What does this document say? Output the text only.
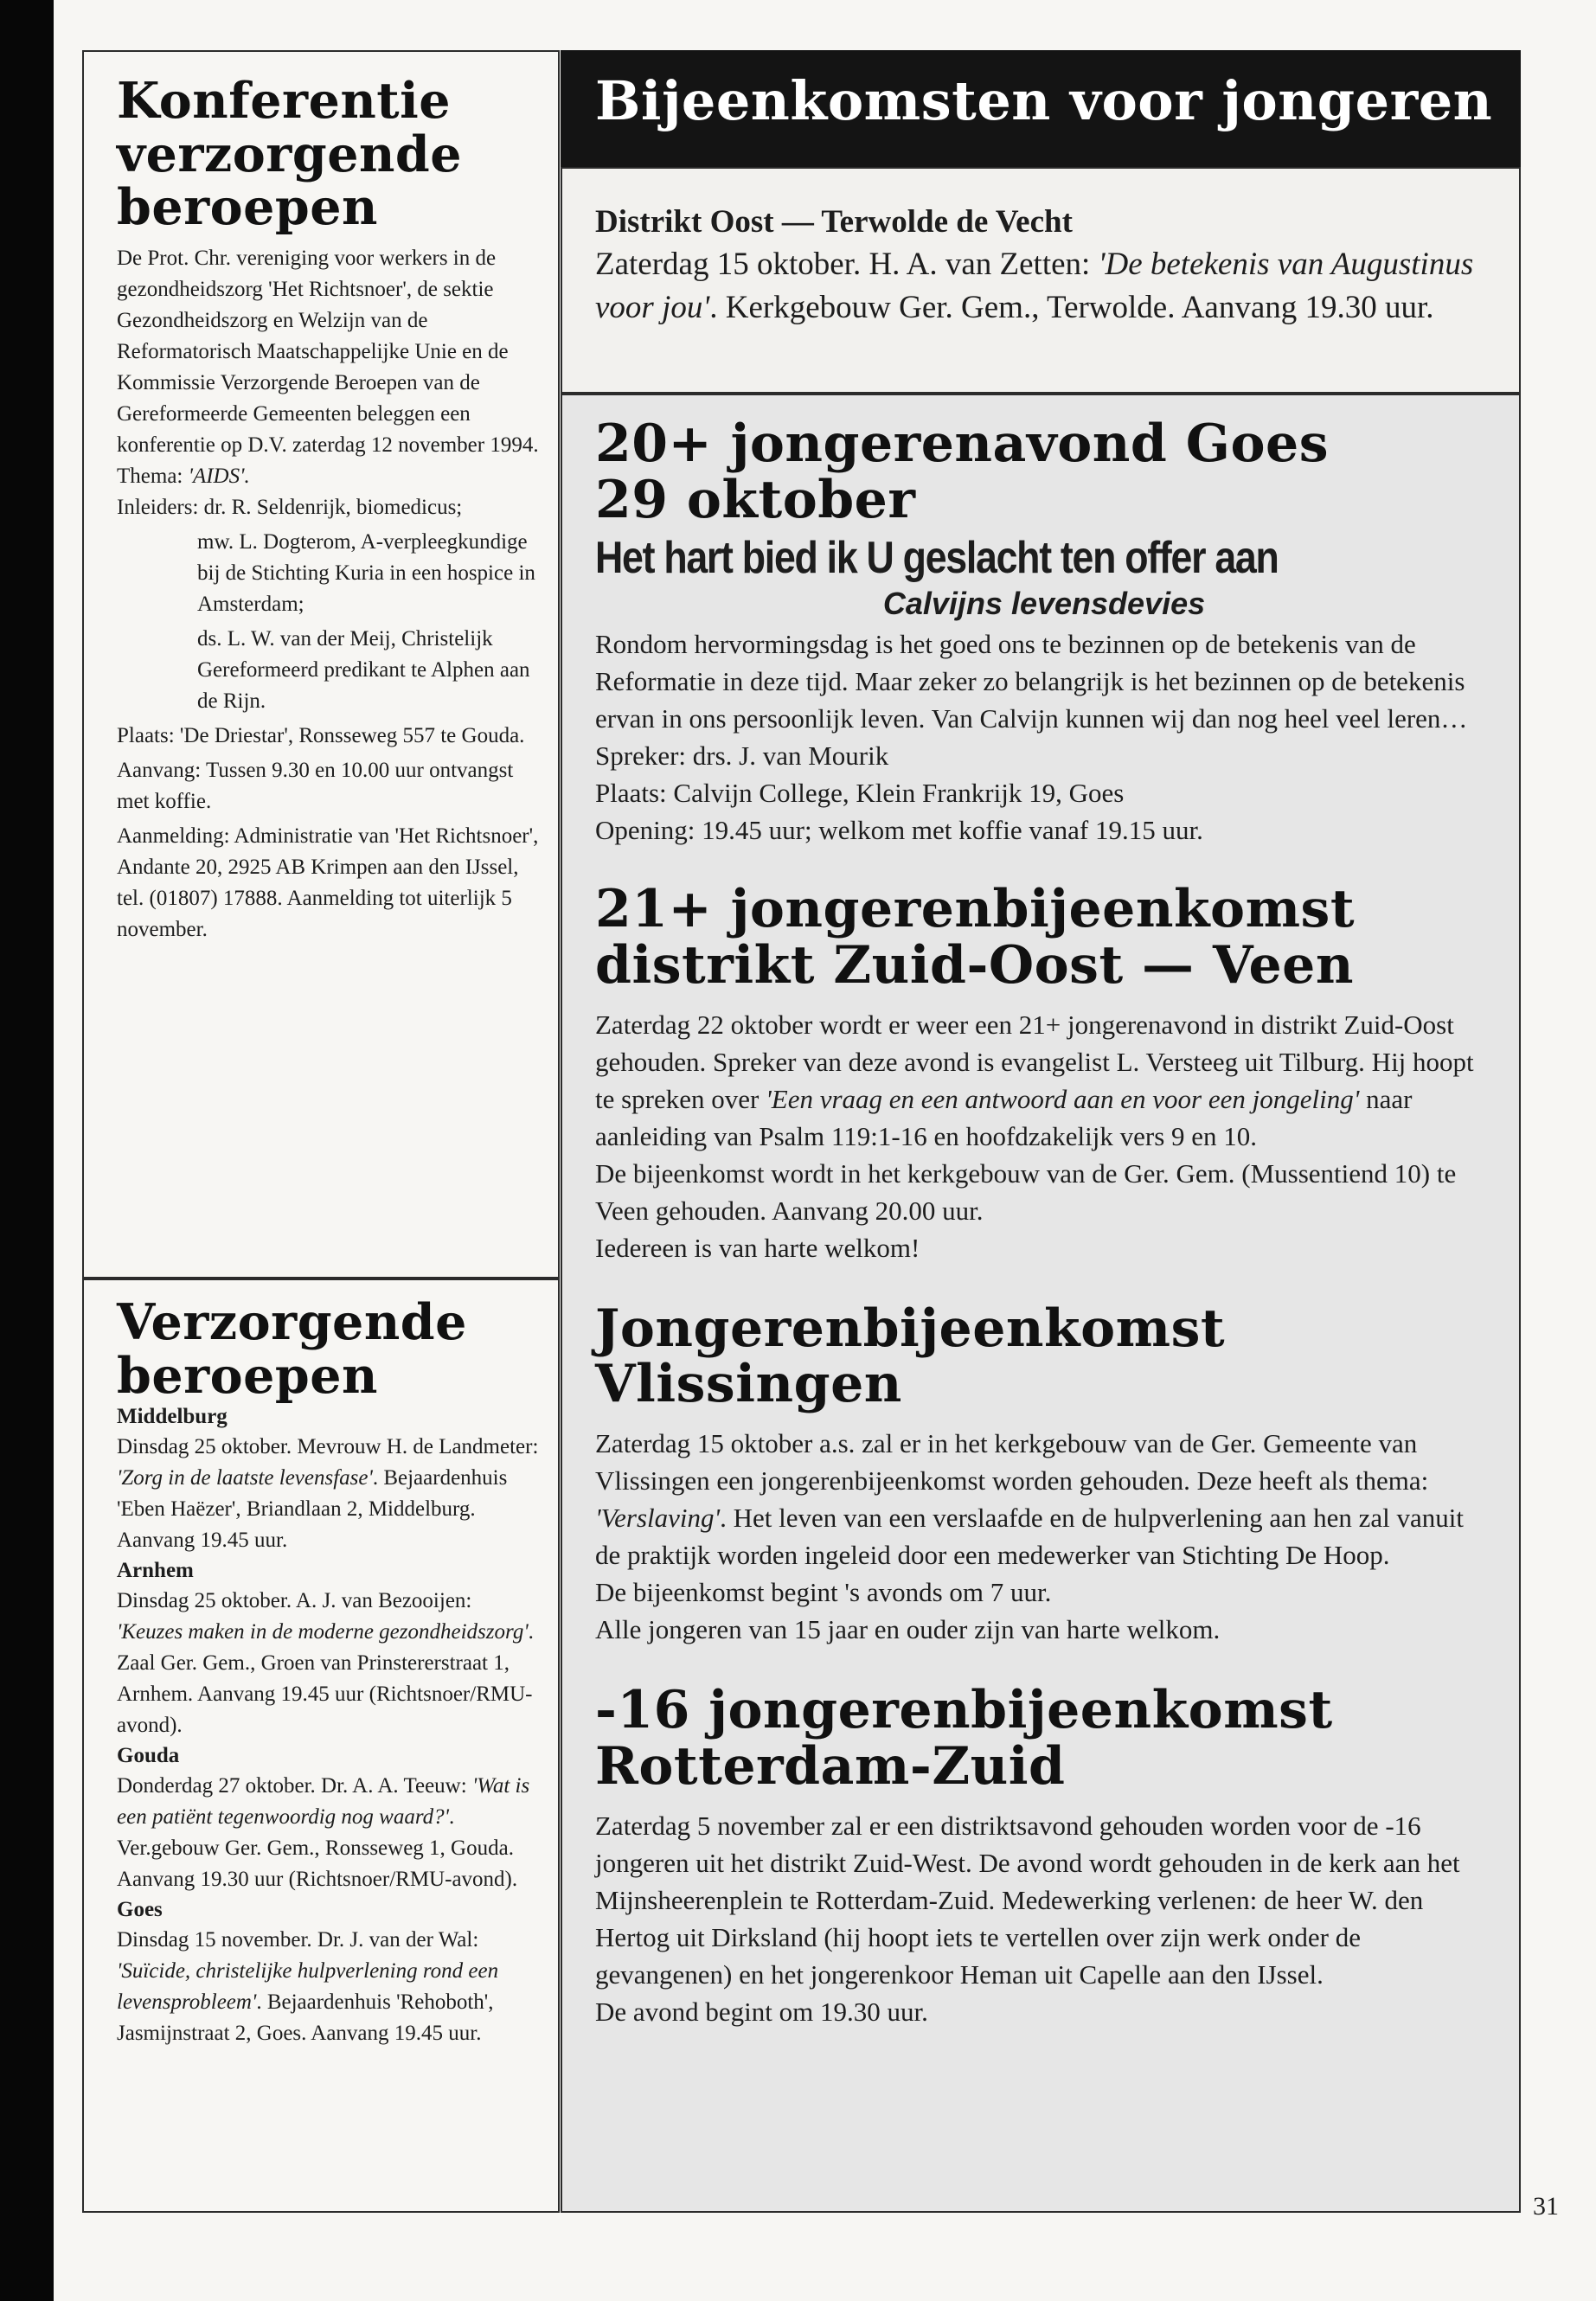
Konferentie verzorgende beroepen

De Prot. Chr. vereniging voor werkers in de gezondheidszorg 'Het Richtsnoer', de sektie Gezondheidszorg en Welzijn van de Reformatorisch Maatschappelijke Unie en de Kommissie Verzorgende Beroepen van de Gereformeerde Gemeenten beleggen een konferentie op D.V. zaterdag 12 november 1994.

Thema: 'AIDS'.

Inleiders: dr. R. Seldenrijk, biomedicus;

mw. L. Dogterom, A-verpleegkundige bij de Stichting Kuria in een hospice in Amsterdam;

ds. L. W. van der Meij, Christelijk Gereformeerd predikant te Alphen aan de Rijn.

Plaats: 'De Driestar', Ronsseweg 557 te Gouda.

Aanvang: Tussen 9.30 en 10.00 uur ontvangst met koffie.

Aanmelding: Administratie van 'Het Richtsnoer', Andante 20, 2925 AB Krimpen aan den IJssel, tel. (01807) 17888. Aanmelding tot uiterlijk 5 november.

Verzorgende beroepen

Middelburg

Dinsdag 25 oktober. Mevrouw H. de Landmeter: 'Zorg in de laatste levensfase'. Bejaardenhuis 'Eben Haëzer', Briandlaan 2, Middelburg. Aanvang 19.45 uur.

Arnhem

Dinsdag 25 oktober. A. J. van Bezooijen: 'Keuzes maken in de moderne gezondheidszorg'. Zaal Ger. Gem., Groen van Prinstererstraat 1, Arnhem. Aanvang 19.45 uur (Richtsnoer/RMU-avond).

Gouda

Donderdag 27 oktober. Dr. A. A. Teeuw: 'Wat is een patiënt tegenwoordig nog waard?'. Ver.gebouw Ger. Gem., Ronsseweg 1, Gouda. Aanvang 19.30 uur (Richtsnoer/RMU-avond).

Goes

Dinsdag 15 november. Dr. J. van der Wal: 'Suïcide, christelijke hulpverlening rond een levensprobleem'. Bejaardenhuis 'Rehoboth', Jasmijnstraat 2, Goes. Aanvang 19.45 uur.

Bijeenkomsten voor jongeren

Distrikt Oost — Terwolde de Vecht

Zaterdag 15 oktober. H. A. van Zetten: 'De betekenis van Augustinus voor jou'. Kerkgebouw Ger. Gem., Terwolde. Aanvang 19.30 uur.

20+ jongerenavond Goes 29 oktober

Het hart bied ik U geslacht ten offer aan

Calvijns levensdevies

Rondom hervormingsdag is het goed ons te bezinnen op de betekenis van de Reformatie in deze tijd. Maar zeker zo belangrijk is het bezinnen op de betekenis ervan in ons persoonlijk leven. Van Calvijn kunnen wij dan nog heel veel leren…

Spreker: drs. J. van Mourik

Plaats: Calvijn College, Klein Frankrijk 19, Goes

Opening: 19.45 uur; welkom met koffie vanaf 19.15 uur.

21+ jongerenbijeenkomst distrikt Zuid-Oost — Veen

Zaterdag 22 oktober wordt er weer een 21+ jongerenavond in distrikt Zuid-Oost gehouden. Spreker van deze avond is evangelist L. Versteeg uit Tilburg. Hij hoopt te spreken over 'Een vraag en een antwoord aan en voor een jongeling' naar aanleiding van Psalm 119:1-16 en hoofdzakelijk vers 9 en 10.

De bijeenkomst wordt in het kerkgebouw van de Ger. Gem. (Mussentiend 10) te Veen gehouden. Aanvang 20.00 uur.

Iedereen is van harte welkom!

Jongerenbijeenkomst Vlissingen

Zaterdag 15 oktober a.s. zal er in het kerkgebouw van de Ger. Gemeente van Vlissingen een jongerenbijeenkomst worden gehouden. Deze heeft als thema: 'Verslaving'. Het leven van een verslaafde en de hulpverlening aan hen zal vanuit de praktijk worden ingeleid door een medewerker van Stichting De Hoop.

De bijeenkomst begint 's avonds om 7 uur.

Alle jongeren van 15 jaar en ouder zijn van harte welkom.

-16 jongerenbijeenkomst Rotterdam-Zuid

Zaterdag 5 november zal er een distriktsavond gehouden worden voor de -16 jongeren uit het distrikt Zuid-West. De avond wordt gehouden in de kerk aan het Mijnsheerenplein te Rotterdam-Zuid. Medewerking verlenen: de heer W. den Hertog uit Dirksland (hij hoopt iets te vertellen over zijn werk onder de gevangenen) en het jongerenkoor Heman uit Capelle aan den IJssel.

De avond begint om 19.30 uur.

31
